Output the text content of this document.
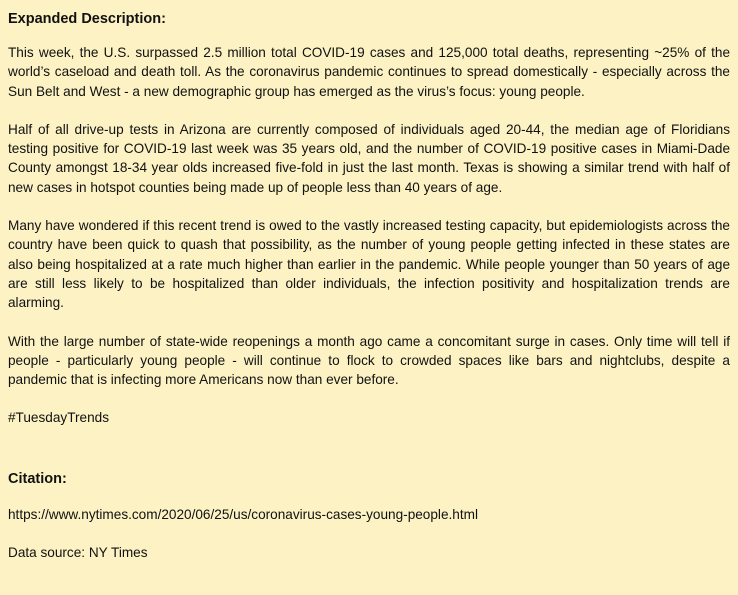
Expanded Description:

This week, the U.S. surpassed 2.5 million total COVID-19 cases and 125,000 total deaths, representing ~25% of the world’s caseload and death toll. As the coronavirus pandemic continues to spread domestically - especially across the Sun Belt and West - a new demographic group has emerged as the virus’s focus: young people.

Half of all drive-up tests in Arizona are currently composed of individuals aged 20-44, the median age of Floridians testing positive for COVID-19 last week was 35 years old, and the number of COVID-19 positive cases in Miami-Dade County amongst 18-34 year olds increased five-fold in just the last month. Texas is showing a similar trend with half of new cases in hotspot counties being made up of people less than 40 years of age.

Many have wondered if this recent trend is owed to the vastly increased testing capacity, but epidemiologists across the country have been quick to quash that possibility, as the number of young people getting infected in these states are also being hospitalized at a rate much higher than earlier in the pandemic. While people younger than 50 years of age are still less likely to be hospitalized than older individuals, the infection positivity and hospitalization trends are alarming.

With the large number of state-wide reopenings a month ago came a concomitant surge in cases. Only time will tell if people - particularly young people - will continue to flock to crowded spaces like bars and nightclubs, despite a pandemic that is infecting more Americans now than ever before.

#TuesdayTrends

Citation:

https://www.nytimes.com/2020/06/25/us/coronavirus-cases-young-people.html

Data source: NY Times
